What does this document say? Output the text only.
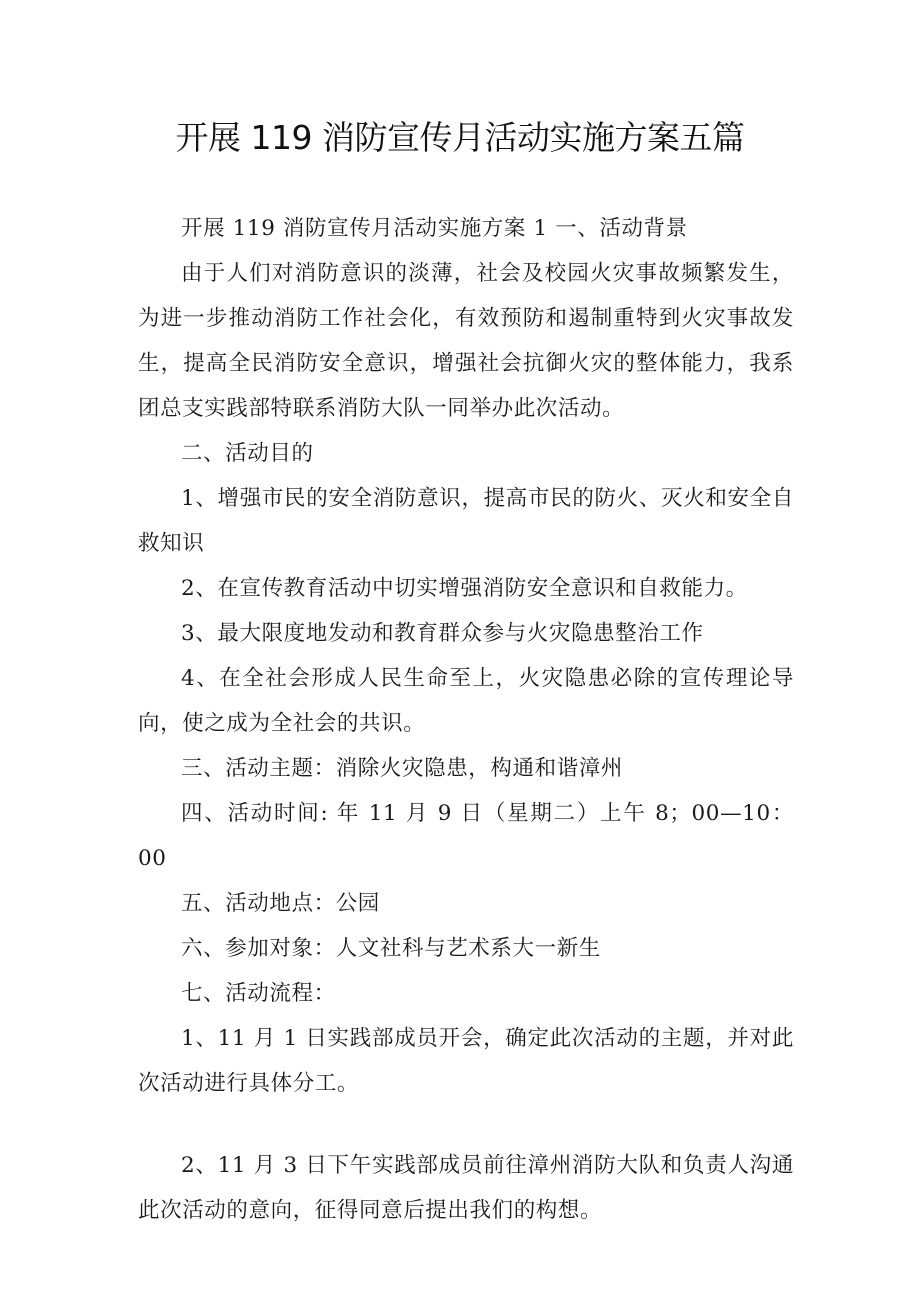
开展 119 消防宣传月活动实施方案五篇

开展 119 消防宣传月活动实施方案 1 一、活动背景

由于人们对消防意识的淡薄，社会及校园火灾事故频繁发生，为进一步推动消防工作社会化，有效预防和遏制重特到火灾事故发生，提高全民消防安全意识，增强社会抗御火灾的整体能力，我系团总支实践部特联系消防大队一同举办此次活动。

二、活动目的

1、增强市民的安全消防意识，提高市民的防火、灭火和安全自救知识

2、在宣传教育活动中切实增强消防安全意识和自救能力。

3、最大限度地发动和教育群众参与火灾隐患整治工作

4、在全社会形成人民生命至上，火灾隐患必除的宣传理论导向，使之成为全社会的共识。

三、活动主题：消除火灾隐患，构通和谐漳州

四、活动时间: 年 11 月 9 日（星期二）上午 8；00—10：00

五、活动地点：公园

六、参加对象：人文社科与艺术系大一新生

七、活动流程：

1、11 月 1 日实践部成员开会，确定此次活动的主题，并对此次活动进行具体分工。

2、11 月 3 日下午实践部成员前往漳州消防大队和负责人沟通此次活动的意向，征得同意后提出我们的构想。
